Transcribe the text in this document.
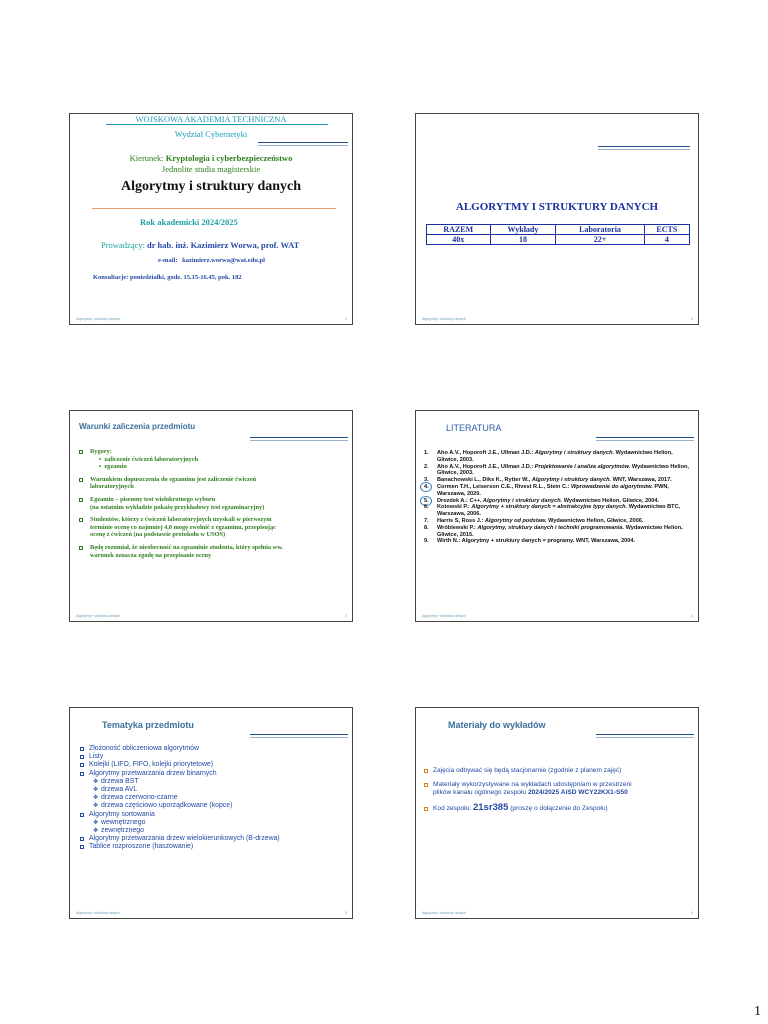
WOJSKOWA AKADEMIA TECHNICZNA
Wydział Cybernetyki
Kierunek: Kryptologia i cyberbezpieczeństwo
Jednolite studia magisterskie
Algorytmy i struktury danych
Rok akademicki 2024/2025
Prowadzący: dr hab. inż. Kazimierz Worwa, prof. WAT
e-mail: kazimierz.worwa@wat.edu.pl
Konsultacje: poniedziałki, godz. 15.15-16.45, pok. 182
Algorytmy i struktury danych	1
ALGORYTMY I STRUKTURY DANYCH
RAZEM	Wykłady	Laboratoria	ECTS
40x	18	22+	4
Algorytmy i struktury danych	2
Warunki zaliczenia przedmiotu
Rygory:
▪  zaliczenie ćwiczeń laboratoryjnych
▪  egzamin
Warunkiem dopuszczenia do egzaminu jest zaliczenie ćwiczeń
laboratoryjnych
Egzamin – pisemny test wielokrotnego wyboru
(na ostatnim wykładzie pokażę przykładowy test egzaminacyjny)
Studentów, którzy z ćwiczeń laboratoryjnych uzyskali w pierwszym
terminie ocenę co najmniej 4,0 mogę zwolnić z egzaminu, przepisując
ocenę z ćwiczeń (na podstawie protokołu w USOS)
Będę rozumiał, że nieobecność na egzaminie studenta, który spełnia ww.
warunek oznacza zgodę na przepisanie oceny
Algorytmy i struktury danych	3
LITERATURA
1.	Aho A.V., Hoporoft J.E., Ullman J.D.: Algorytmy i struktury danych. Wydawnictwo Helion, Gliwice, 2003.
2.	Aho A.V., Hoporoft J.E., Ullman J.D.: Projektowanie i analiza algorytmów. Wydawnictwo Helion, Gliwice, 2003.
3.	Banachowski L., Diks K., Rytter W., Algorytmy i struktury danych. WNT, Warszawa, 2017.
4.	Cormen T.H., Leiserson C.E., Rivest R.L., Stein C.: Wprowadzenie do algorytmów. PWN, Warszawa, 2020.
5.	Drozdek A.: C++. Algorytmy i struktury danych. Wydawnictwo Helion, Gliwice, 2004.
6.	Kotowski P.: Algorytmy + struktury danych = abstrakcyjne typy danych. Wydawnictwo BTC, Warszawa, 2006.
7.	Harris S, Ross J.: Algorytmy od podstaw. Wydawnictwo Helion, Gliwice, 2006.
8.	Wróblewski P.: Algorytmy, struktury danych i techniki programowania. Wydawnictwo Helion, Gliwice, 2015.
9.	Wirth N.: Algorytmy + struktury danych = programy. WNT, Warszawa, 2004.
Algorytmy i struktury danych	4
Tematyka przedmiotu
Złożoność obliczeniowa algorytmów
Listy
Kolejki (LIFO, FIFO, kolejki priorytetowe)
Algorytmy przetwarzania drzew binarnych
❖ drzewa BST
❖ drzewa AVL
❖ drzewa czerwono-czarne
❖ drzewa częściowo uporządkowane (kopce)
Algorytmy sortowania
❖ wewnętrznego
❖ zewnętrznego
Algorytmy przetwarzania drzew wielokierunkowych (B-drzewa)
Tablice rozproszone (haszowanie)
Algorytmy i struktury danych	5
Materiały do wykładów
Zajęcia odbywać się będą stacjonarnie (zgodnie z planem zajęć)
Materiały wykorzystywane na wykładach udostępniam w przestrzeni
plików kanału ogólnego zespołu 2024/2025 AiSD WCY22KX1-S50
Kod zespołu: 21sr385 (proszę o dołączenie do Zespołu)
Algorytmy i struktury danych	6
1
